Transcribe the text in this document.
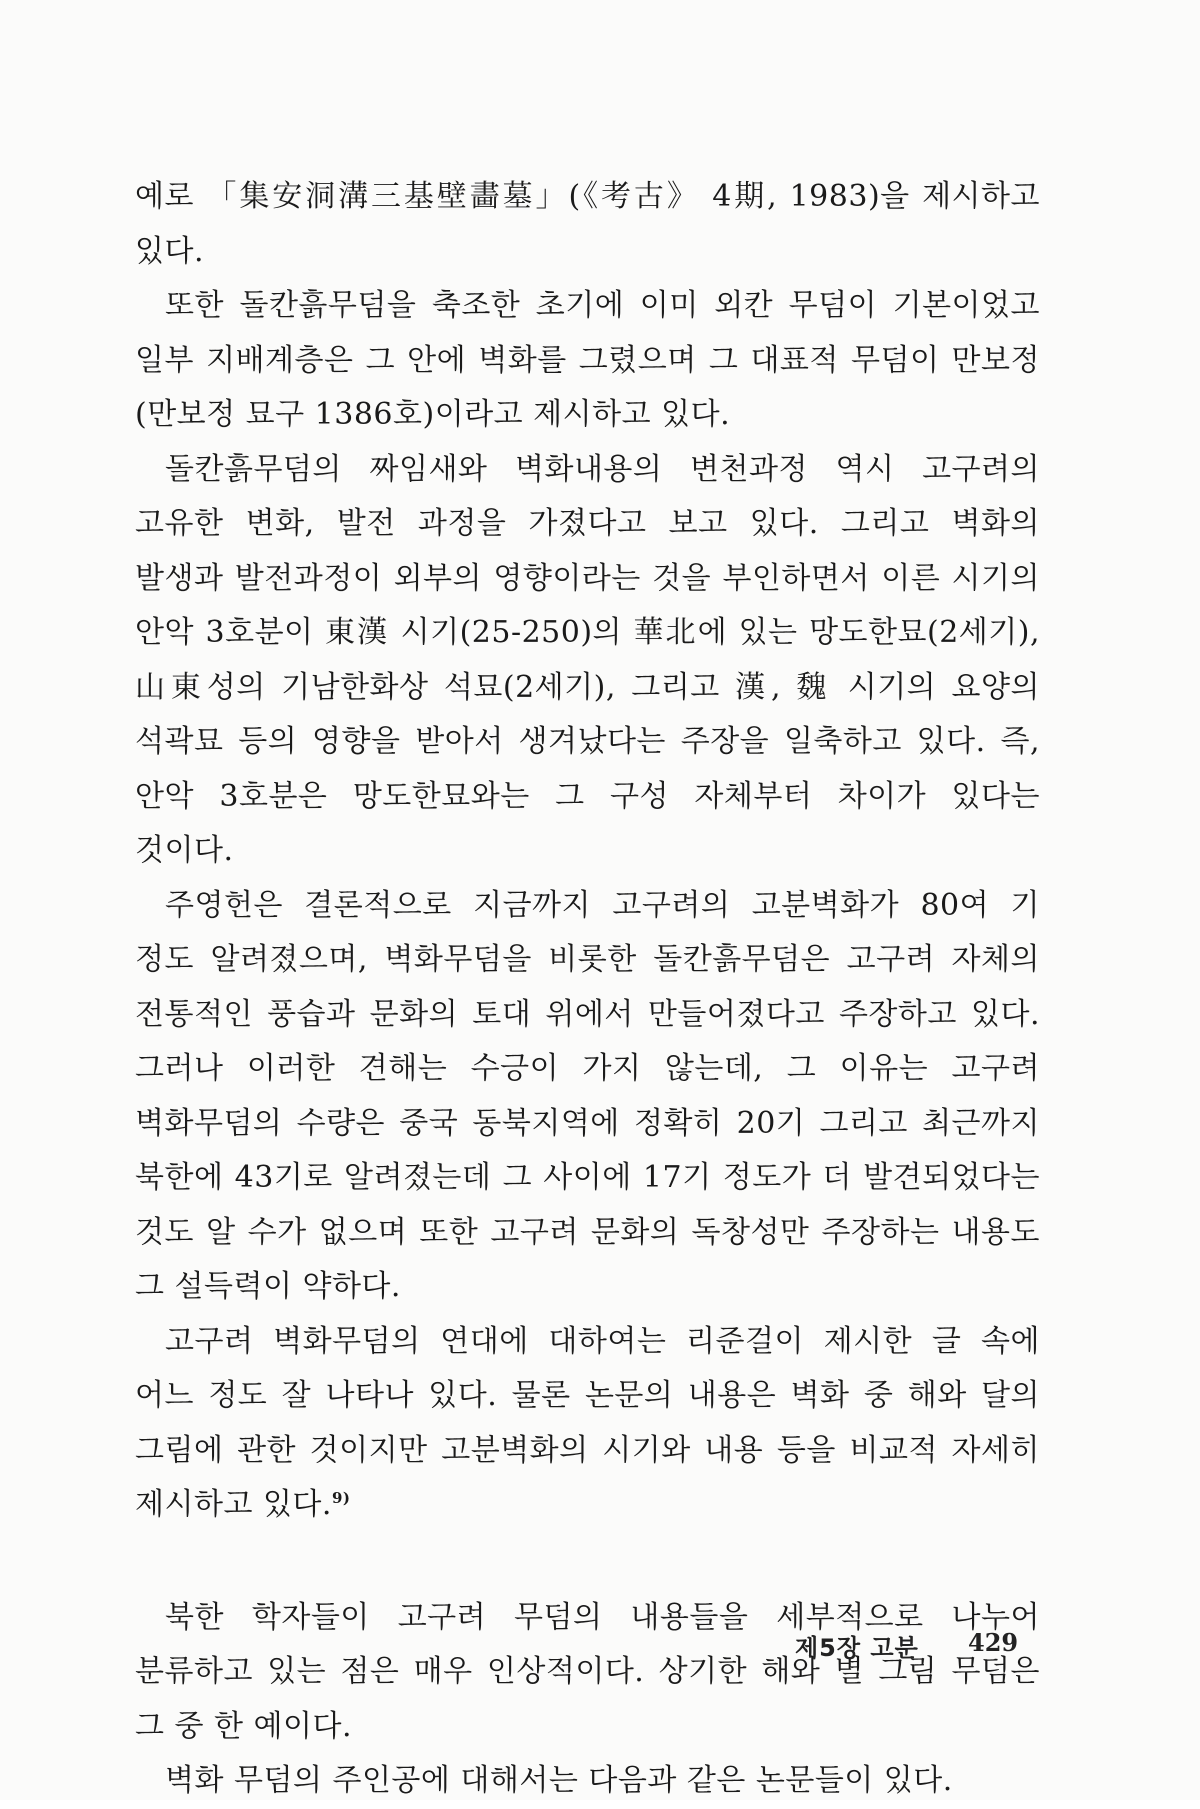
예로 「集安洞溝三基壁畵墓」(《考古》 4期, 1983)을 제시하고 있다.

또한 돌칸흙무덤을 축조한 초기에 이미 외칸 무덤이 기본이었고 일부 지배계층은 그 안에 벽화를 그렸으며 그 대표적 무덤이 만보정(만보정 묘구 1386호)이라고 제시하고 있다.

돌칸흙무덤의 짜임새와 벽화내용의 변천과정 역시 고구려의 고유한 변화, 발전 과정을 가졌다고 보고 있다. 그리고 벽화의 발생과 발전과정이 외부의 영향이라는 것을 부인하면서 이른 시기의 안악 3호분이 東漢 시기(25-250)의 華北에 있는 망도한묘(2세기), 山東성의 기남한화상 석묘(2세기), 그리고 漢, 魏 시기의 요양의 석곽묘 등의 영향을 받아서 생겨났다는 주장을 일축하고 있다. 즉, 안악 3호분은 망도한묘와는 그 구성 자체부터 차이가 있다는 것이다.

주영헌은 결론적으로 지금까지 고구려의 고분벽화가 80여 기 정도 알려졌으며, 벽화무덤을 비롯한 돌칸흙무덤은 고구려 자체의 전통적인 풍습과 문화의 토대 위에서 만들어졌다고 주장하고 있다. 그러나 이러한 견해는 수긍이 가지 않는데, 그 이유는 고구려 벽화무덤의 수량은 중국 동북지역에 정확히 20기 그리고 최근까지 북한에 43기로 알려졌는데 그 사이에 17기 정도가 더 발견되었다는 것도 알 수가 없으며 또한 고구려 문화의 독창성만 주장하는 내용도 그 설득력이 약하다.

고구려 벽화무덤의 연대에 대하여는 리준걸이 제시한 글 속에 어느 정도 잘 나타나 있다. 물론 논문의 내용은 벽화 중 해와 달의 그림에 관한 것이지만 고분벽화의 시기와 내용 등을 비교적 자세히 제시하고 있다.$^{9)}$

북한 학자들이 고구려 무덤의 내용들을 세부적으로 나누어 분류하고 있는 점은 매우 인상적이다. 상기한 해와 별 그림 무덤은 그 중 한 예이다.

벽화 무덤의 주인공에 대해서는 다음과 같은 논문들이 있다.

제5장 고분 429
